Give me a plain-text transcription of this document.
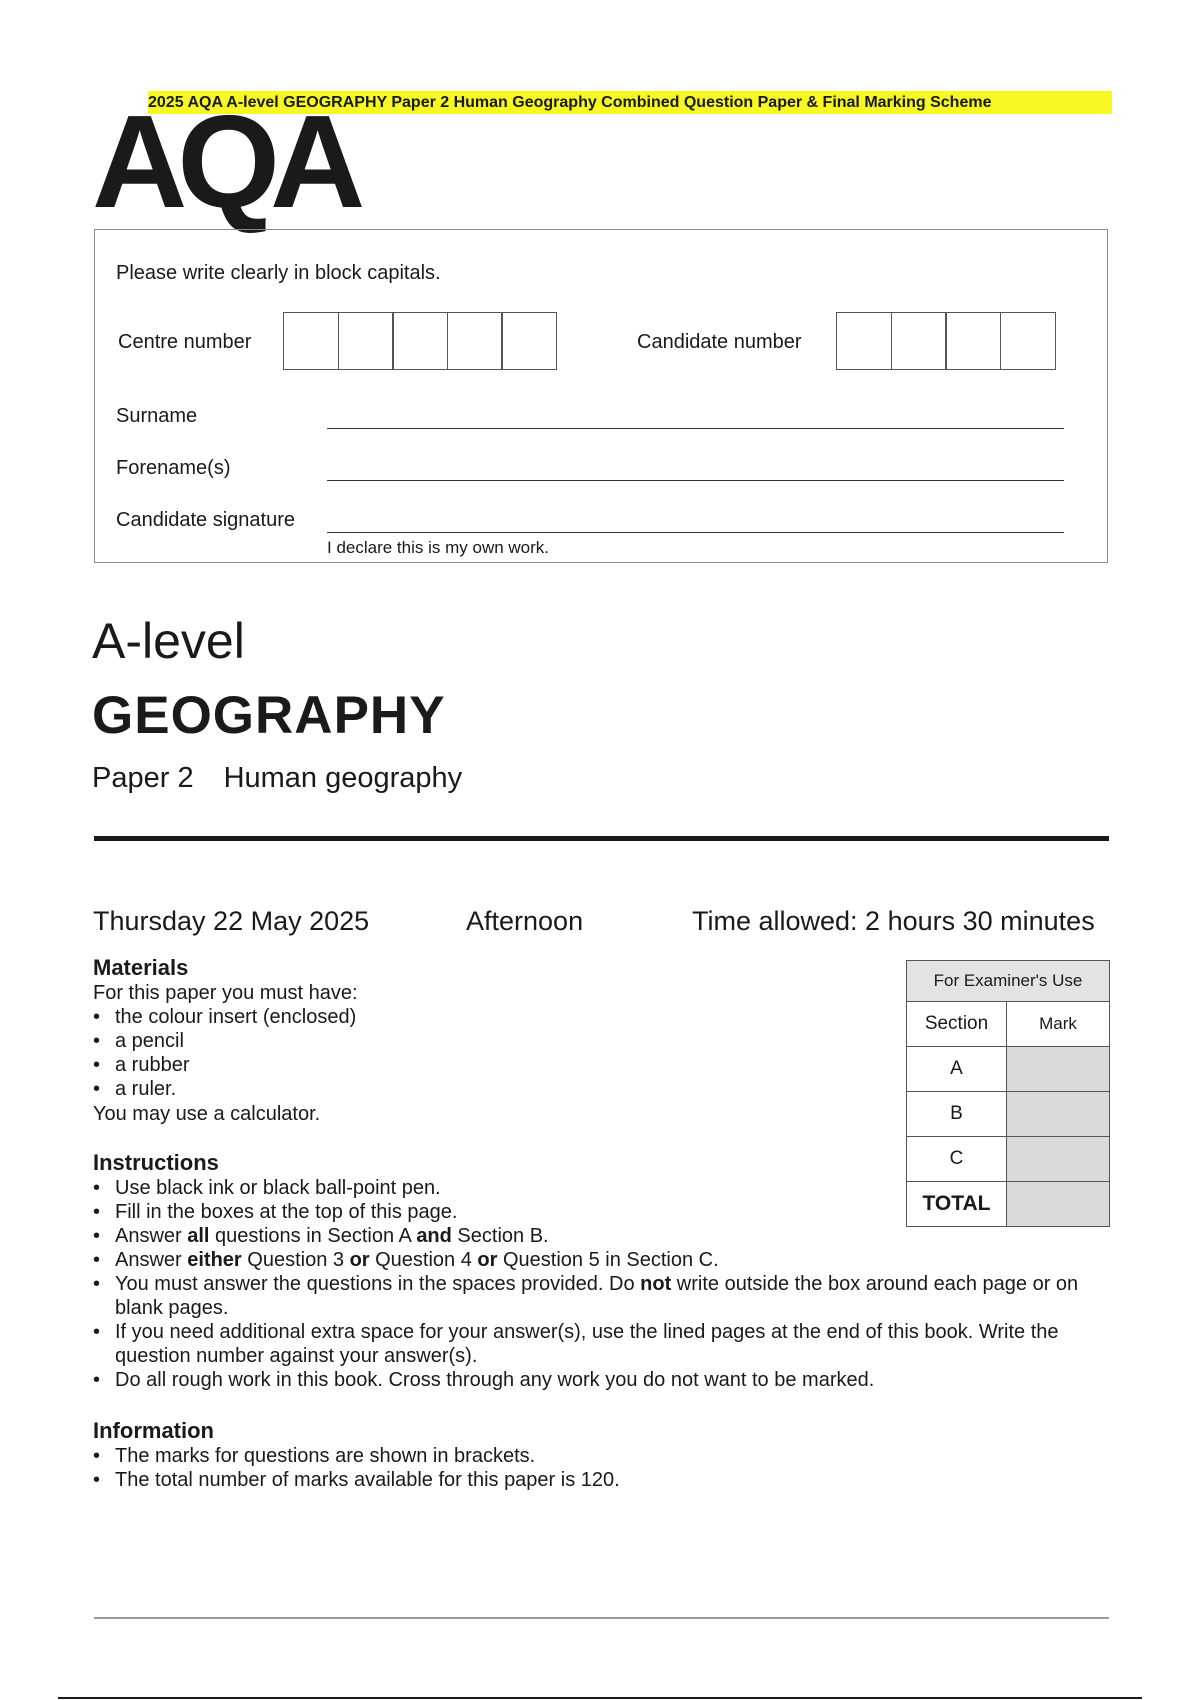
2025 AQA A-level GEOGRAPHY Paper 2 Human Geography Combined Question Paper & Final Marking Scheme
AQA
Please write clearly in block capitals.
Centre number	Candidate number
Surname
Forename(s)
Candidate signature
I declare this is my own work.
A-level
GEOGRAPHY
Paper 2 Human geography
Thursday 22 May 2025	Afternoon	Time allowed: 2 hours 30 minutes
Materials
For this paper you must have:
• the colour insert (enclosed)
• a pencil
• a rubber
• a ruler.
You may use a calculator.
Instructions
• Use black ink or black ball-point pen.
• Fill in the boxes at the top of this page.
• Answer all questions in Section A and Section B.
• Answer either Question 3 or Question 4 or Question 5 in Section C.
• You must answer the questions in the spaces provided. Do not write outside the box around each page or on blank pages.
• If you need additional extra space for your answer(s), use the lined pages at the end of this book. Write the question number against your answer(s).
• Do all rough work in this book. Cross through any work you do not want to be marked.
Information
• The marks for questions are shown in brackets.
• The total number of marks available for this paper is 120.
For Examiner's Use	
Section	Mark
A	
B	
C	
TOTAL	
